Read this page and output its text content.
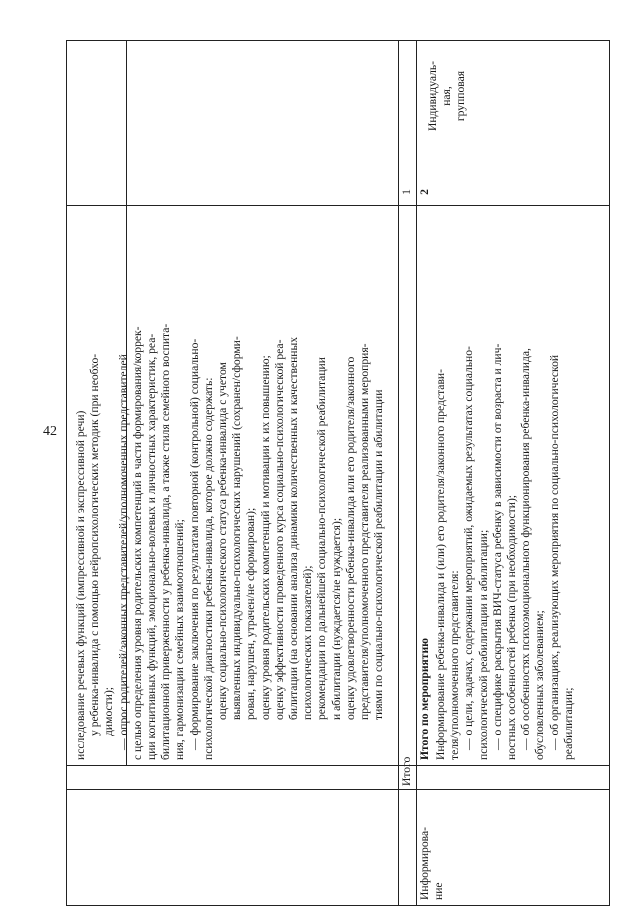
42
Информирова- ние

исследование речевых функций (импрессивной и экспрессивной речи) у ребенка-инвалида с помощью нейропсихологических методик (при необхо- димости); — опрос родителей/законных представителей/уполномоченных представителей с целью определения уровня родительских компетенций в части формирования/коррек- ции когнитивных функций, эмоционально-волевых и личностных характеристик, реа- билитационной приверженности у ребенка-инвалида, а также стиля семейного воспита- ния, гармонизации семейных взаимоотношений; — формирование заключения по результатам повторной (контрольной) социально- психологической диагностики ребенка-инвалида, которое должно содержать: оценку социально-психологического статуса ребенка-инвалида с учетом выявленных индивидуально-психологических нарушений (сохранен/сформи- рован, нарушен, утрачен/не сформирован); оценку уровня родительских компетенций и мотивации к их повышению; оценку эффективности проведенного курса социально-психологической реа- билитации (на основании анализа динамики количественных и качественных психологических показателей); рекомендации по дальнейшей социально-психологической реабилитации и абилитации (нуждается/не нуждается); оценку удовлетворенности ребенка-инвалида или его родителя/законного представителя/уполномоченного представителя реализованными мероприя- тиями по социально-психологической реабилитации и абилитации

Итого
1
Итого по мероприятию
2

Информирование ребенка-инвалида и (или) его родителя/законного представи- теля/уполномоченного представителя: — о цели, задачах, содержании мероприятий, ожидаемых результатах социально- психологической реабилитации и абилитации; — о специфике раскрытия ВИЧ-статуса ребенку в зависимости от возраста и лич- ностных особенностей ребенка (при необходимости); — об особенностях психоэмоционального функционирования ребенка-инвалида, обусловленных заболеванием; — об организациях, реализующих мероприятия по социально-психологической реабилитации;

Индивидуаль- ная, групповая
